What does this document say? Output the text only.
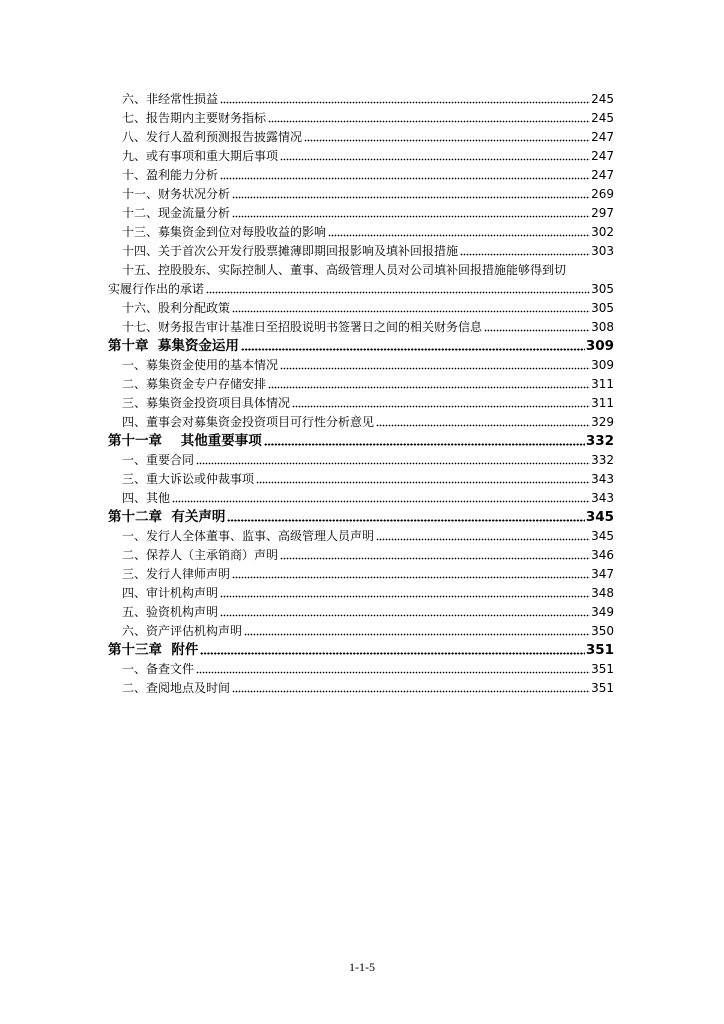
六、非经常性损益	245
七、报告期内主要财务指标	245
八、发行人盈利预测报告披露情况	247
九、或有事项和重大期后事项	247
十、盈利能力分析	247
十一、财务状况分析	269
十二、现金流量分析	297
十三、募集资金到位对每股收益的影响	302
十四、关于首次公开发行股票摊薄即期回报影响及填补回报措施	303
十五、控股股东、实际控制人、董事、高级管理人员对公司填补回报措施能够得到切
实履行作出的承诺	305
十六、股利分配政策	305
十七、财务报告审计基准日至招股说明书签署日之间的相关财务信息	308
第十章  募集资金运用	309
一、募集资金使用的基本情况	309
二、募集资金专户存储安排	311
三、募集资金投资项目具体情况	311
四、董事会对募集资金投资项目可行性分析意见	329
第十一章    其他重要事项	332
一、重要合同	332
三、重大诉讼或仲裁事项	343
四、其他	343
第十二章  有关声明	345
一、发行人全体董事、监事、高级管理人员声明	345
二、保荐人（主承销商）声明	346
三、发行人律师声明	347
四、审计机构声明	348
五、验资机构声明	349
六、资产评估机构声明	350
第十三章  附件	351
一、备查文件	351
二、查阅地点及时间	351
1-1-5
